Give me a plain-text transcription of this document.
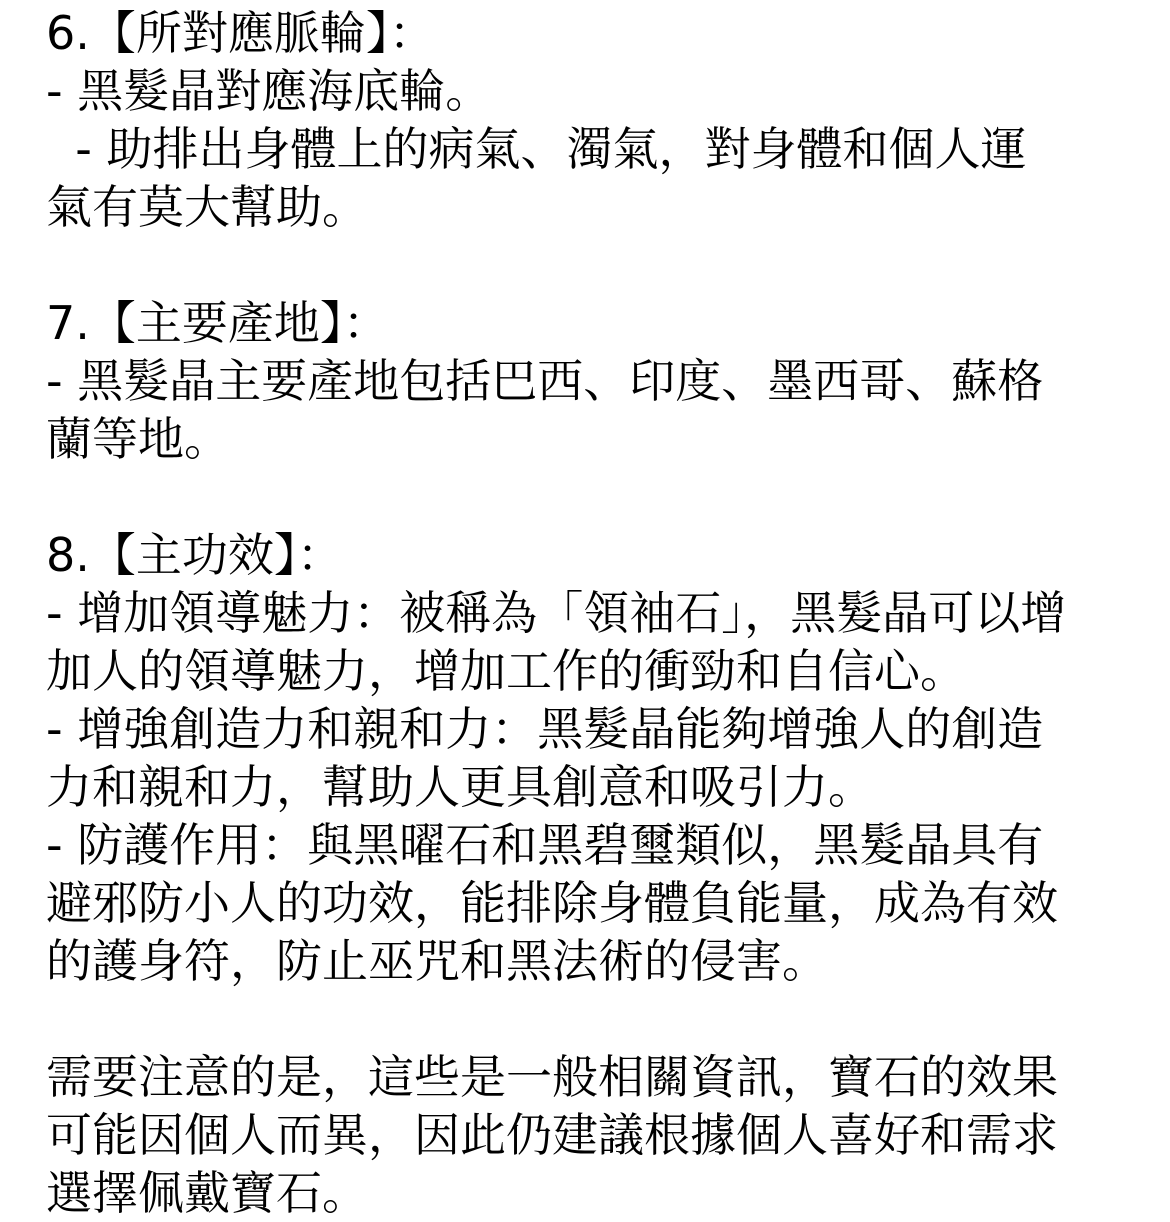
6.【所對應脈輪】：
- 黑髮晶對應海底輪。
- 助排出身體上的病氣、濁氣，對身體和個人運
氣有莫大幫助。
7.【主要產地】：
- 黑髮晶主要產地包括巴西、印度、墨西哥、蘇格
蘭等地。
8.【主功效】：
- 增加領導魅力：被稱為「領袖石」，黑髮晶可以增
加人的領導魅力，增加工作的衝勁和自信心。
- 增強創造力和親和力：黑髮晶能夠增強人的創造
力和親和力，幫助人更具創意和吸引力。
- 防護作用：與黑曜石和黑碧璽類似，黑髮晶具有
避邪防小人的功效，能排除身體負能量，成為有效
的護身符，防止巫咒和黑法術的侵害。
需要注意的是，這些是一般相關資訊，寶石的效果
可能因個人而異，因此仍建議根據個人喜好和需求
選擇佩戴寶石。
